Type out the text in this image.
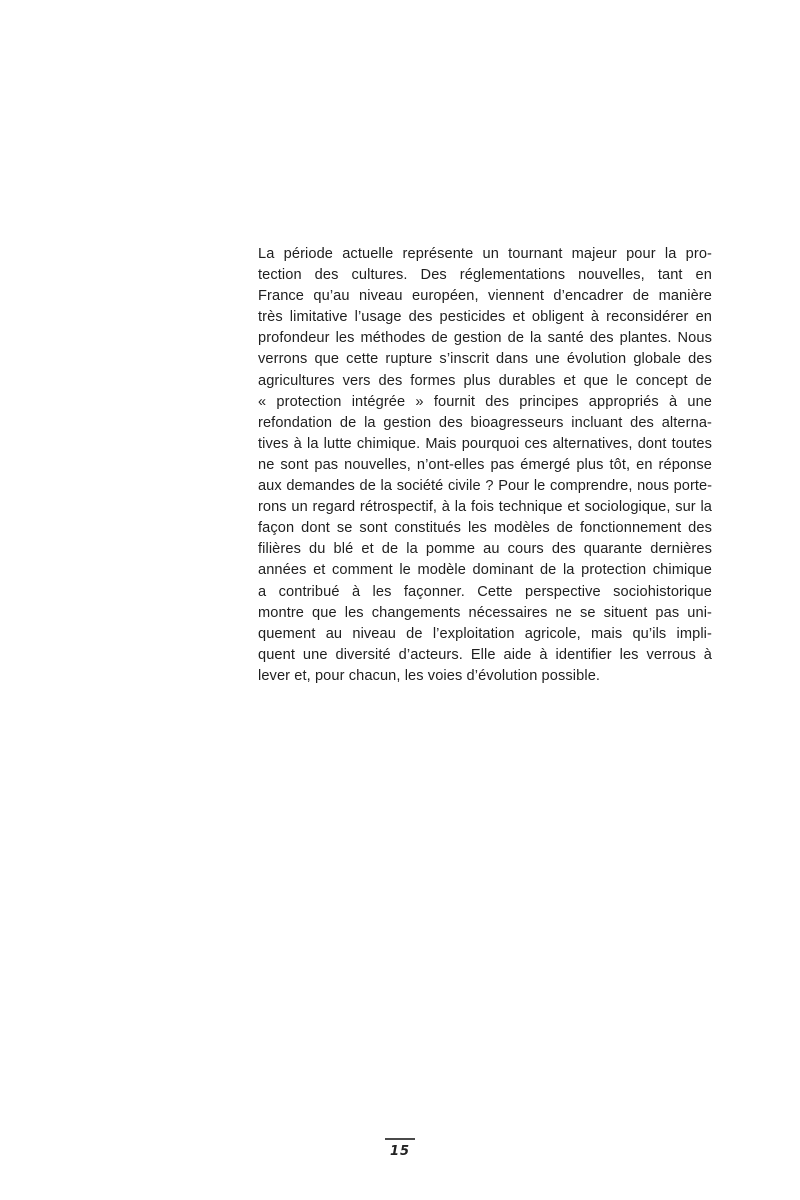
La période actuelle représente un tournant majeur pour la pro-
tection des cultures. Des réglementations nouvelles, tant en
France qu’au niveau européen, viennent d’encadrer de manière
très limitative l’usage des pesticides et obligent à reconsidérer en
profondeur les méthodes de gestion de la santé des plantes. Nous
verrons que cette rupture s’inscrit dans une évolution globale des
agricultures vers des formes plus durables et que le concept de
« protection intégrée » fournit des principes appropriés à une
refondation de la gestion des bioagresseurs incluant des alterna-
tives à la lutte chimique. Mais pourquoi ces alternatives, dont toutes
ne sont pas nouvelles, n’ont-elles pas émergé plus tôt, en réponse
aux demandes de la société civile ? Pour le comprendre, nous porte-
rons un regard rétrospectif, à la fois technique et sociologique, sur la
façon dont se sont constitués les modèles de fonctionnement des
filières du blé et de la pomme au cours des quarante dernières
années et comment le modèle dominant de la protection chimique
a contribué à les façonner. Cette perspective sociohistorique
montre que les changements nécessaires ne se situent pas uni-
quement au niveau de l’exploitation agricole, mais qu’ils impli-
quent une diversité d’acteurs. Elle aide à identifier les verrous à
lever et, pour chacun, les voies d’évolution possible.
15
